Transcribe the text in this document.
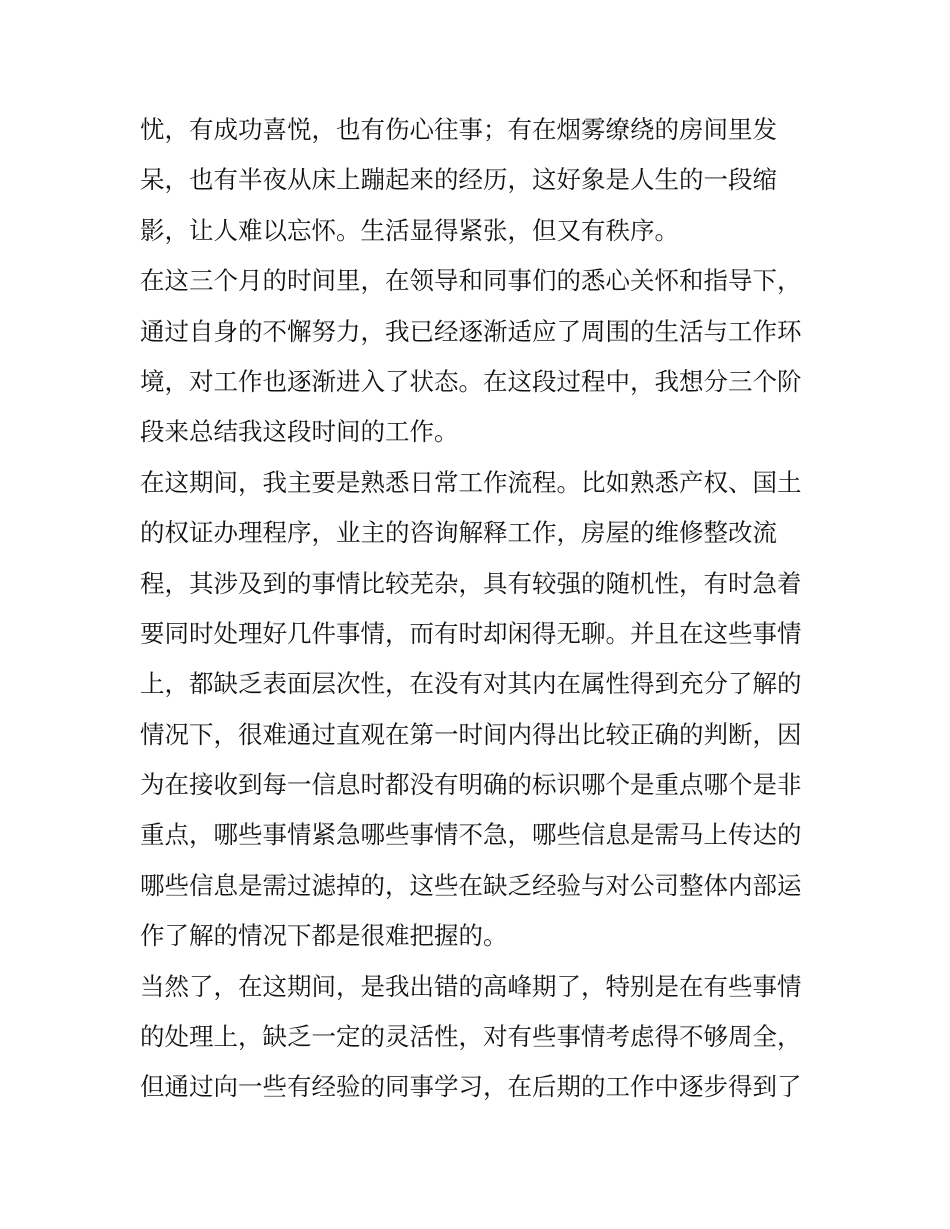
忧，有成功喜悦，也有伤心往事；有在烟雾缭绕的房间里发
呆，也有半夜从床上蹦起来的经历，这好象是人生的一段缩
影，让人难以忘怀。生活显得紧张，但又有秩序。
在这三个月的时间里，在领导和同事们的悉心关怀和指导下，
通过自身的不懈努力，我已经逐渐适应了周围的生活与工作环
境，对工作也逐渐进入了状态。在这段过程中，我想分三个阶
段来总结我这段时间的工作。
在这期间，我主要是熟悉日常工作流程。比如熟悉产权、国土
的权证办理程序，业主的咨询解释工作，房屋的维修整改流
程，其涉及到的事情比较芜杂，具有较强的随机性，有时急着
要同时处理好几件事情，而有时却闲得无聊。并且在这些事情
上，都缺乏表面层次性，在没有对其内在属性得到充分了解的
情况下，很难通过直观在第一时间内得出比较正确的判断，因
为在接收到每一信息时都没有明确的标识哪个是重点哪个是非
重点，哪些事情紧急哪些事情不急，哪些信息是需马上传达的
哪些信息是需过滤掉的，这些在缺乏经验与对公司整体内部运
作了解的情况下都是很难把握的。
当然了，在这期间，是我出错的高峰期了，特别是在有些事情
的处理上，缺乏一定的灵活性，对有些事情考虑得不够周全，
但通过向一些有经验的同事学习，在后期的工作中逐步得到了
